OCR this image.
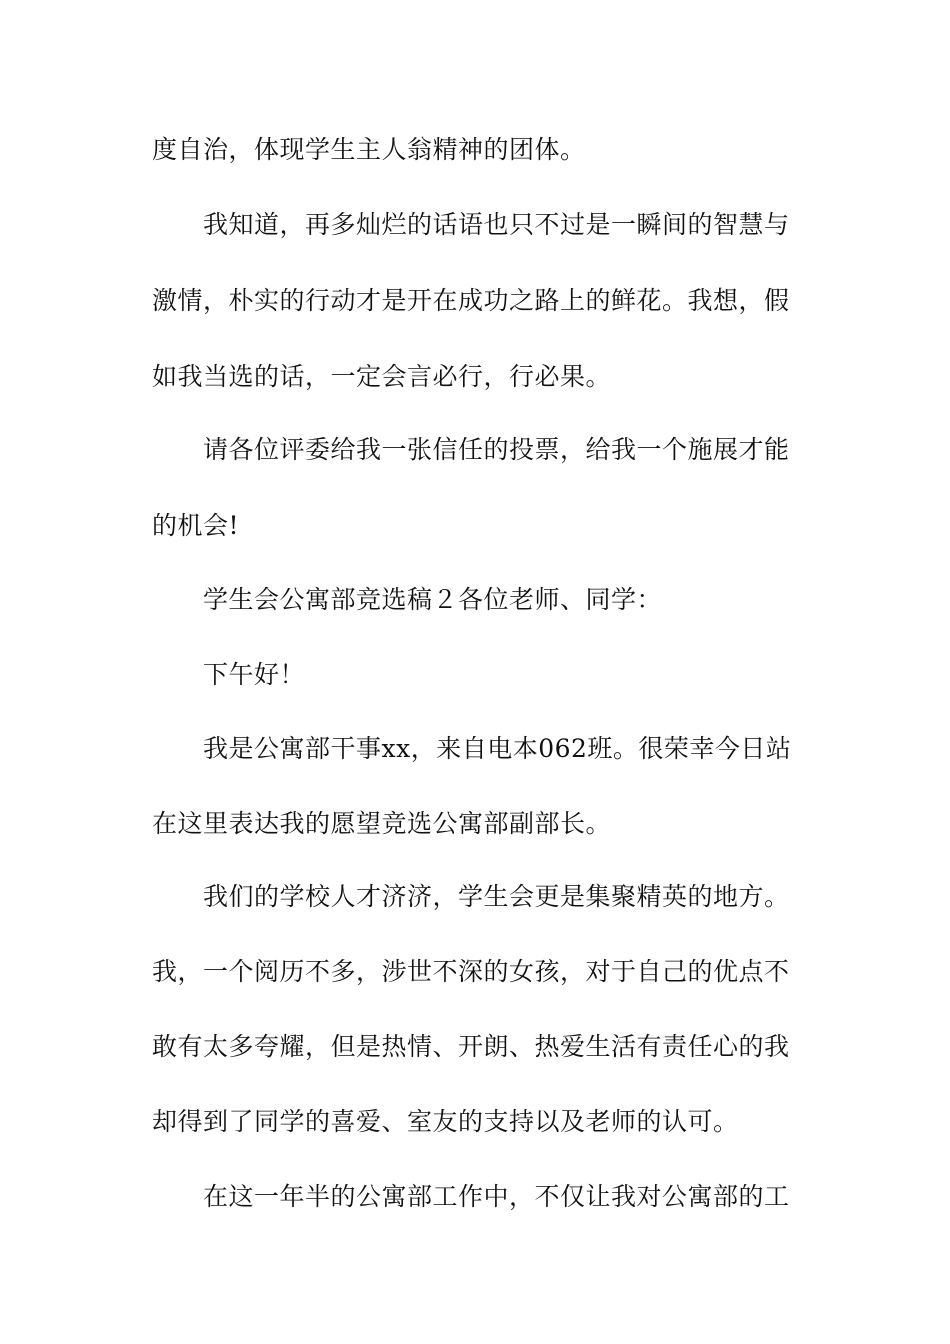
度自治，体现学生主人翁精神的团体。
我知道，再多灿烂的话语也只不过是一瞬间的智慧与
激情，朴实的行动才是开在成功之路上的鲜花。我想，假
如我当选的话，一定会言必行，行必果。
请各位评委给我一张信任的投票，给我一个施展才能
的机会!
学生会公寓部竞选稿２各位老师、同学：
下午好！
我是公寓部干事xx，来自电本062班。很荣幸今日站
在这里表达我的愿望竞选公寓部副部长。
我们的学校人才济济，学生会更是集聚精英的地方。
我，一个阅历不多，涉世不深的女孩，对于自己的优点不
敢有太多夸耀，但是热情、开朗、热爱生活有责任心的我
却得到了同学的喜爱、室友的支持以及老师的认可。
在这一年半的公寓部工作中，不仅让我对公寓部的工
